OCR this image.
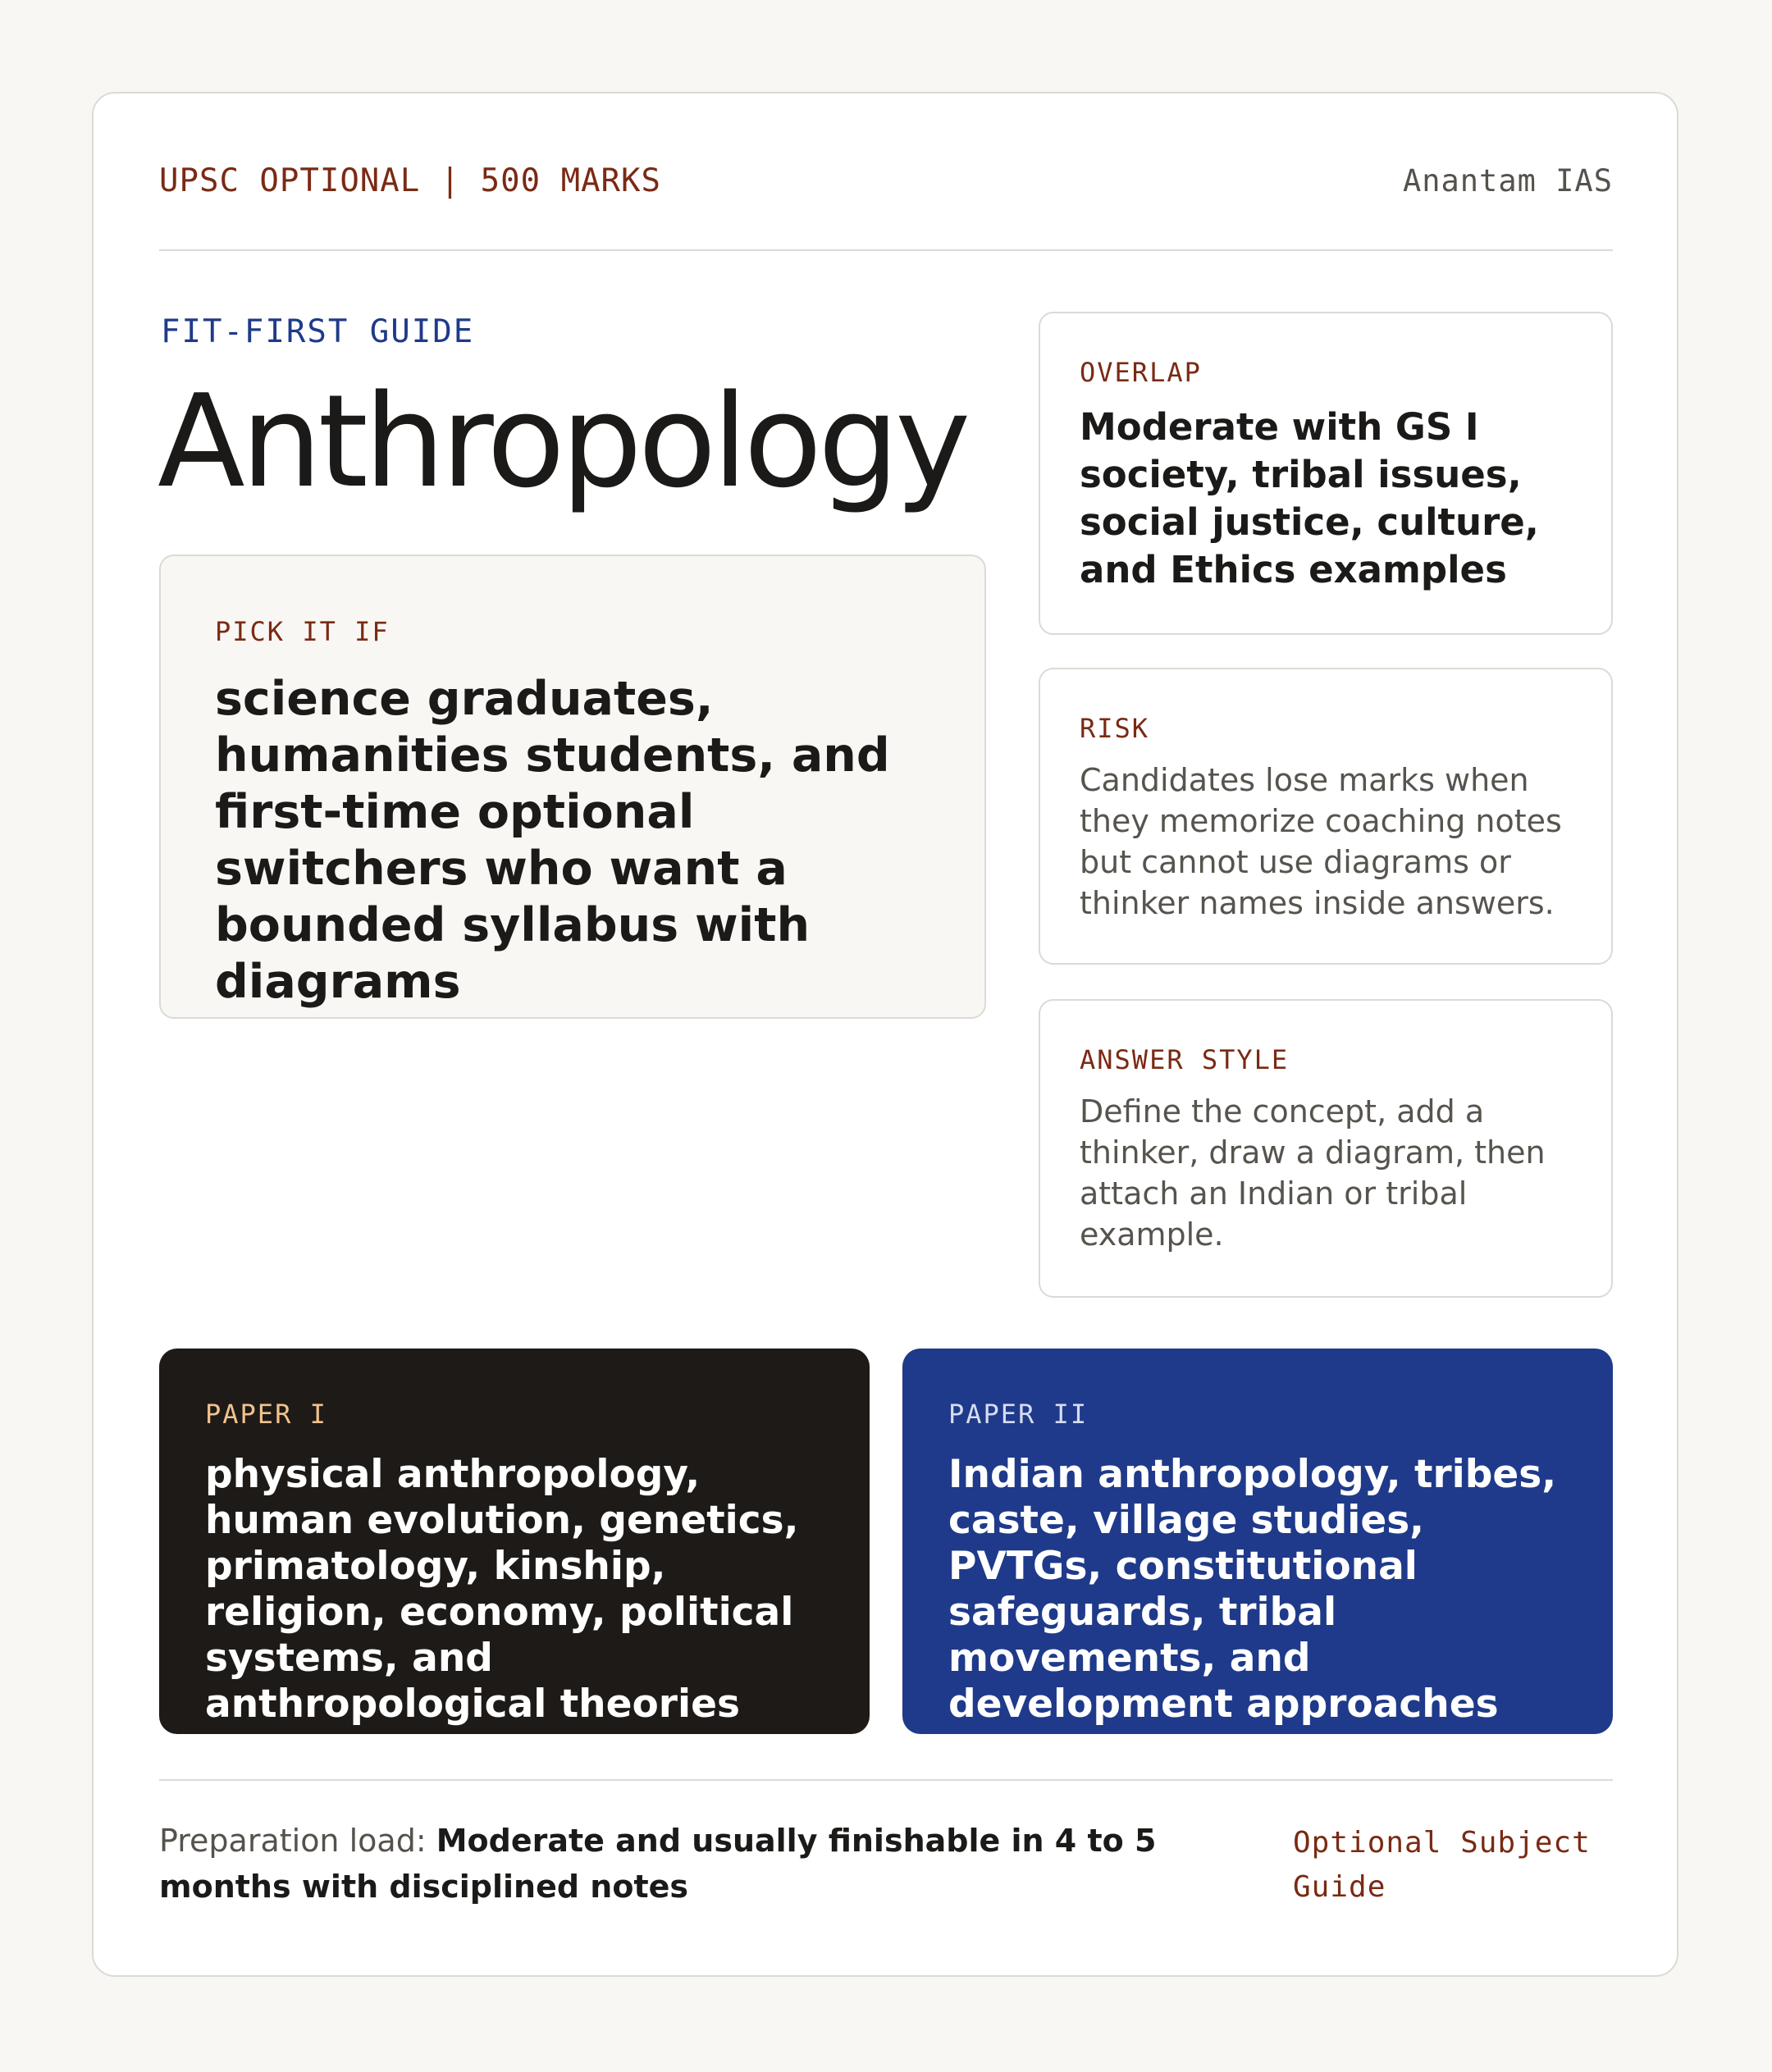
UPSC OPTIONAL | 500 MARKS	Anantam IAS

FIT-FIRST GUIDE

Anthropology

PICK IT IF

science graduates, humanities students, and first-time optional switchers who want a bounded syllabus with diagrams

OVERLAP

Moderate with GS I society, tribal issues, social justice, culture, and Ethics examples

RISK

Candidates lose marks when they memorize coaching notes but cannot use diagrams or thinker names inside answers.

ANSWER STYLE

Define the concept, add a thinker, draw a diagram, then attach an Indian or tribal example.

PAPER I

physical anthropology, human evolution, genetics, primatology, kinship, religion, economy, political systems, and anthropological theories

PAPER II

Indian anthropology, tribes, caste, village studies, PVTGs, constitutional safeguards, tribal movements, and development approaches

Preparation load: Moderate and usually finishable in 4 to 5 months with disciplined notes

Optional Subject Guide
